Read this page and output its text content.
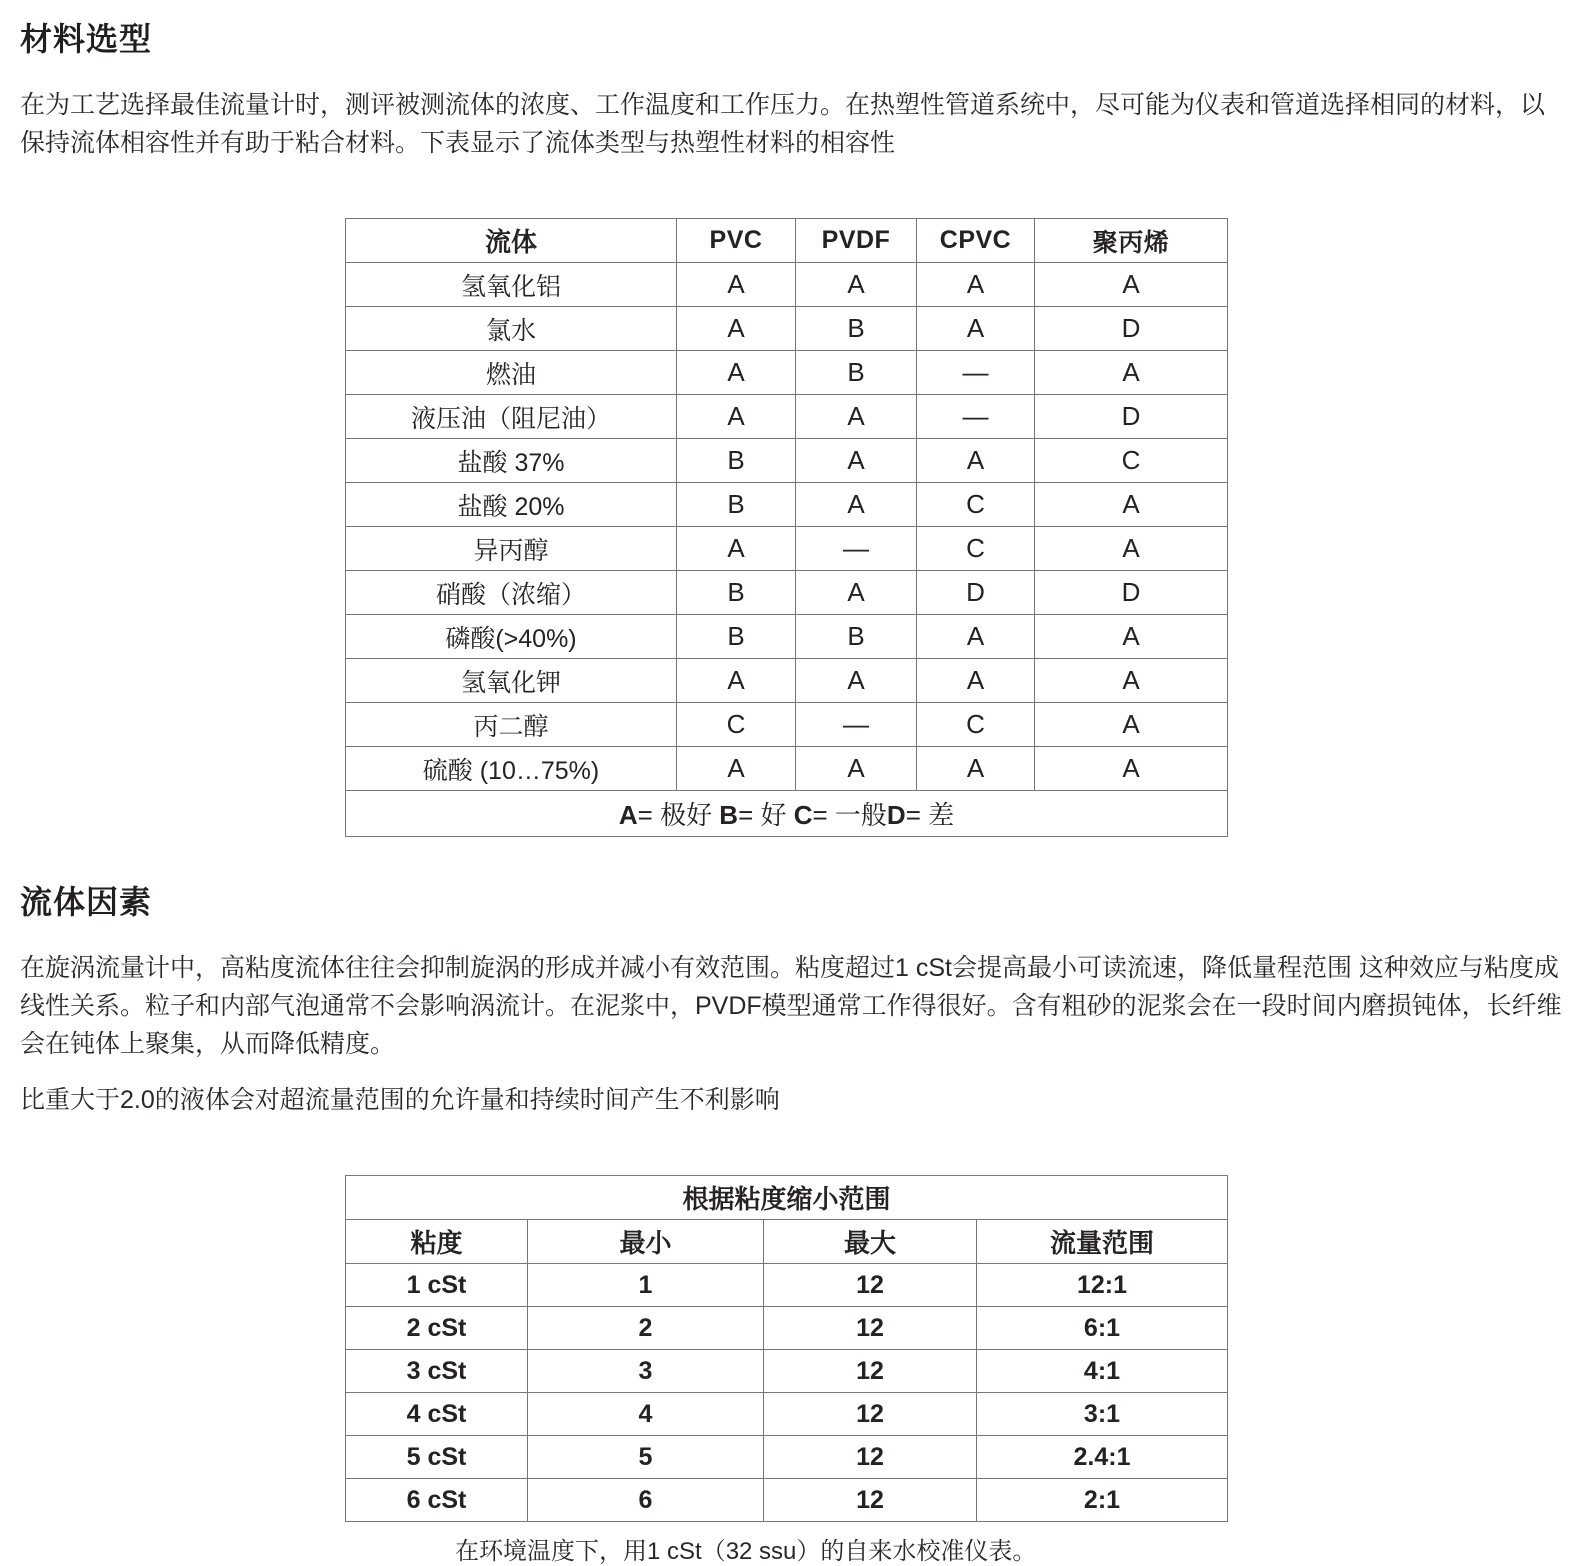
材料选型

在为工艺选择最佳流量计时，测评被测流体的浓度、工作温度和工作压力。在热塑性管道系统中，尽可能为仪表和管道选择相同的材料，以保持流体相容性并有助于粘合材料。下表显示了流体类型与热塑性材料的相容性

流体	PVC	PVDF	CPVC	聚丙烯
氢氧化铝	A	A	A	A
氯水	A	B	A	D
燃油	A	B	—	A
液压油（阻尼油）	A	A	—	D
盐酸 37%	B	A	A	C
盐酸 20%	B	A	C	A
异丙醇	A	—	C	A
硝酸（浓缩）	B	A	D	D
磷酸(>40%)	B	B	A	A
氢氧化钾	A	A	A	A
丙二醇	C	—	C	A
硫酸 (10…75%)	A	A	A	A
A= 极好 B= 好 C= 一般D= 差				
流体因素

在旋涡流量计中，高粘度流体往往会抑制旋涡的形成并减小有效范围。粘度超过1 cSt会提高最小可读流速，降低量程范围 这种效应与粘度成线性关系。粒子和内部气泡通常不会影响涡流计。在泥浆中，PVDF模型通常工作得很好。含有粗砂的泥浆会在一段时间内磨损钝体，长纤维会在钝体上聚集，从而降低精度。

比重大于2.0的液体会对超流量范围的允许量和持续时间产生不利影响

根据粘度缩小范围			
粘度	最小	最大	流量范围
1 cSt	1	12	12:1
2 cSt	2	12	6:1
3 cSt	3	12	4:1
4 cSt	4	12	3:1
5 cSt	5	12	2.4:1
6 cSt	6	12	2:1

在环境温度下，用1 cSt（32 ssu）的自来水校准仪表。
